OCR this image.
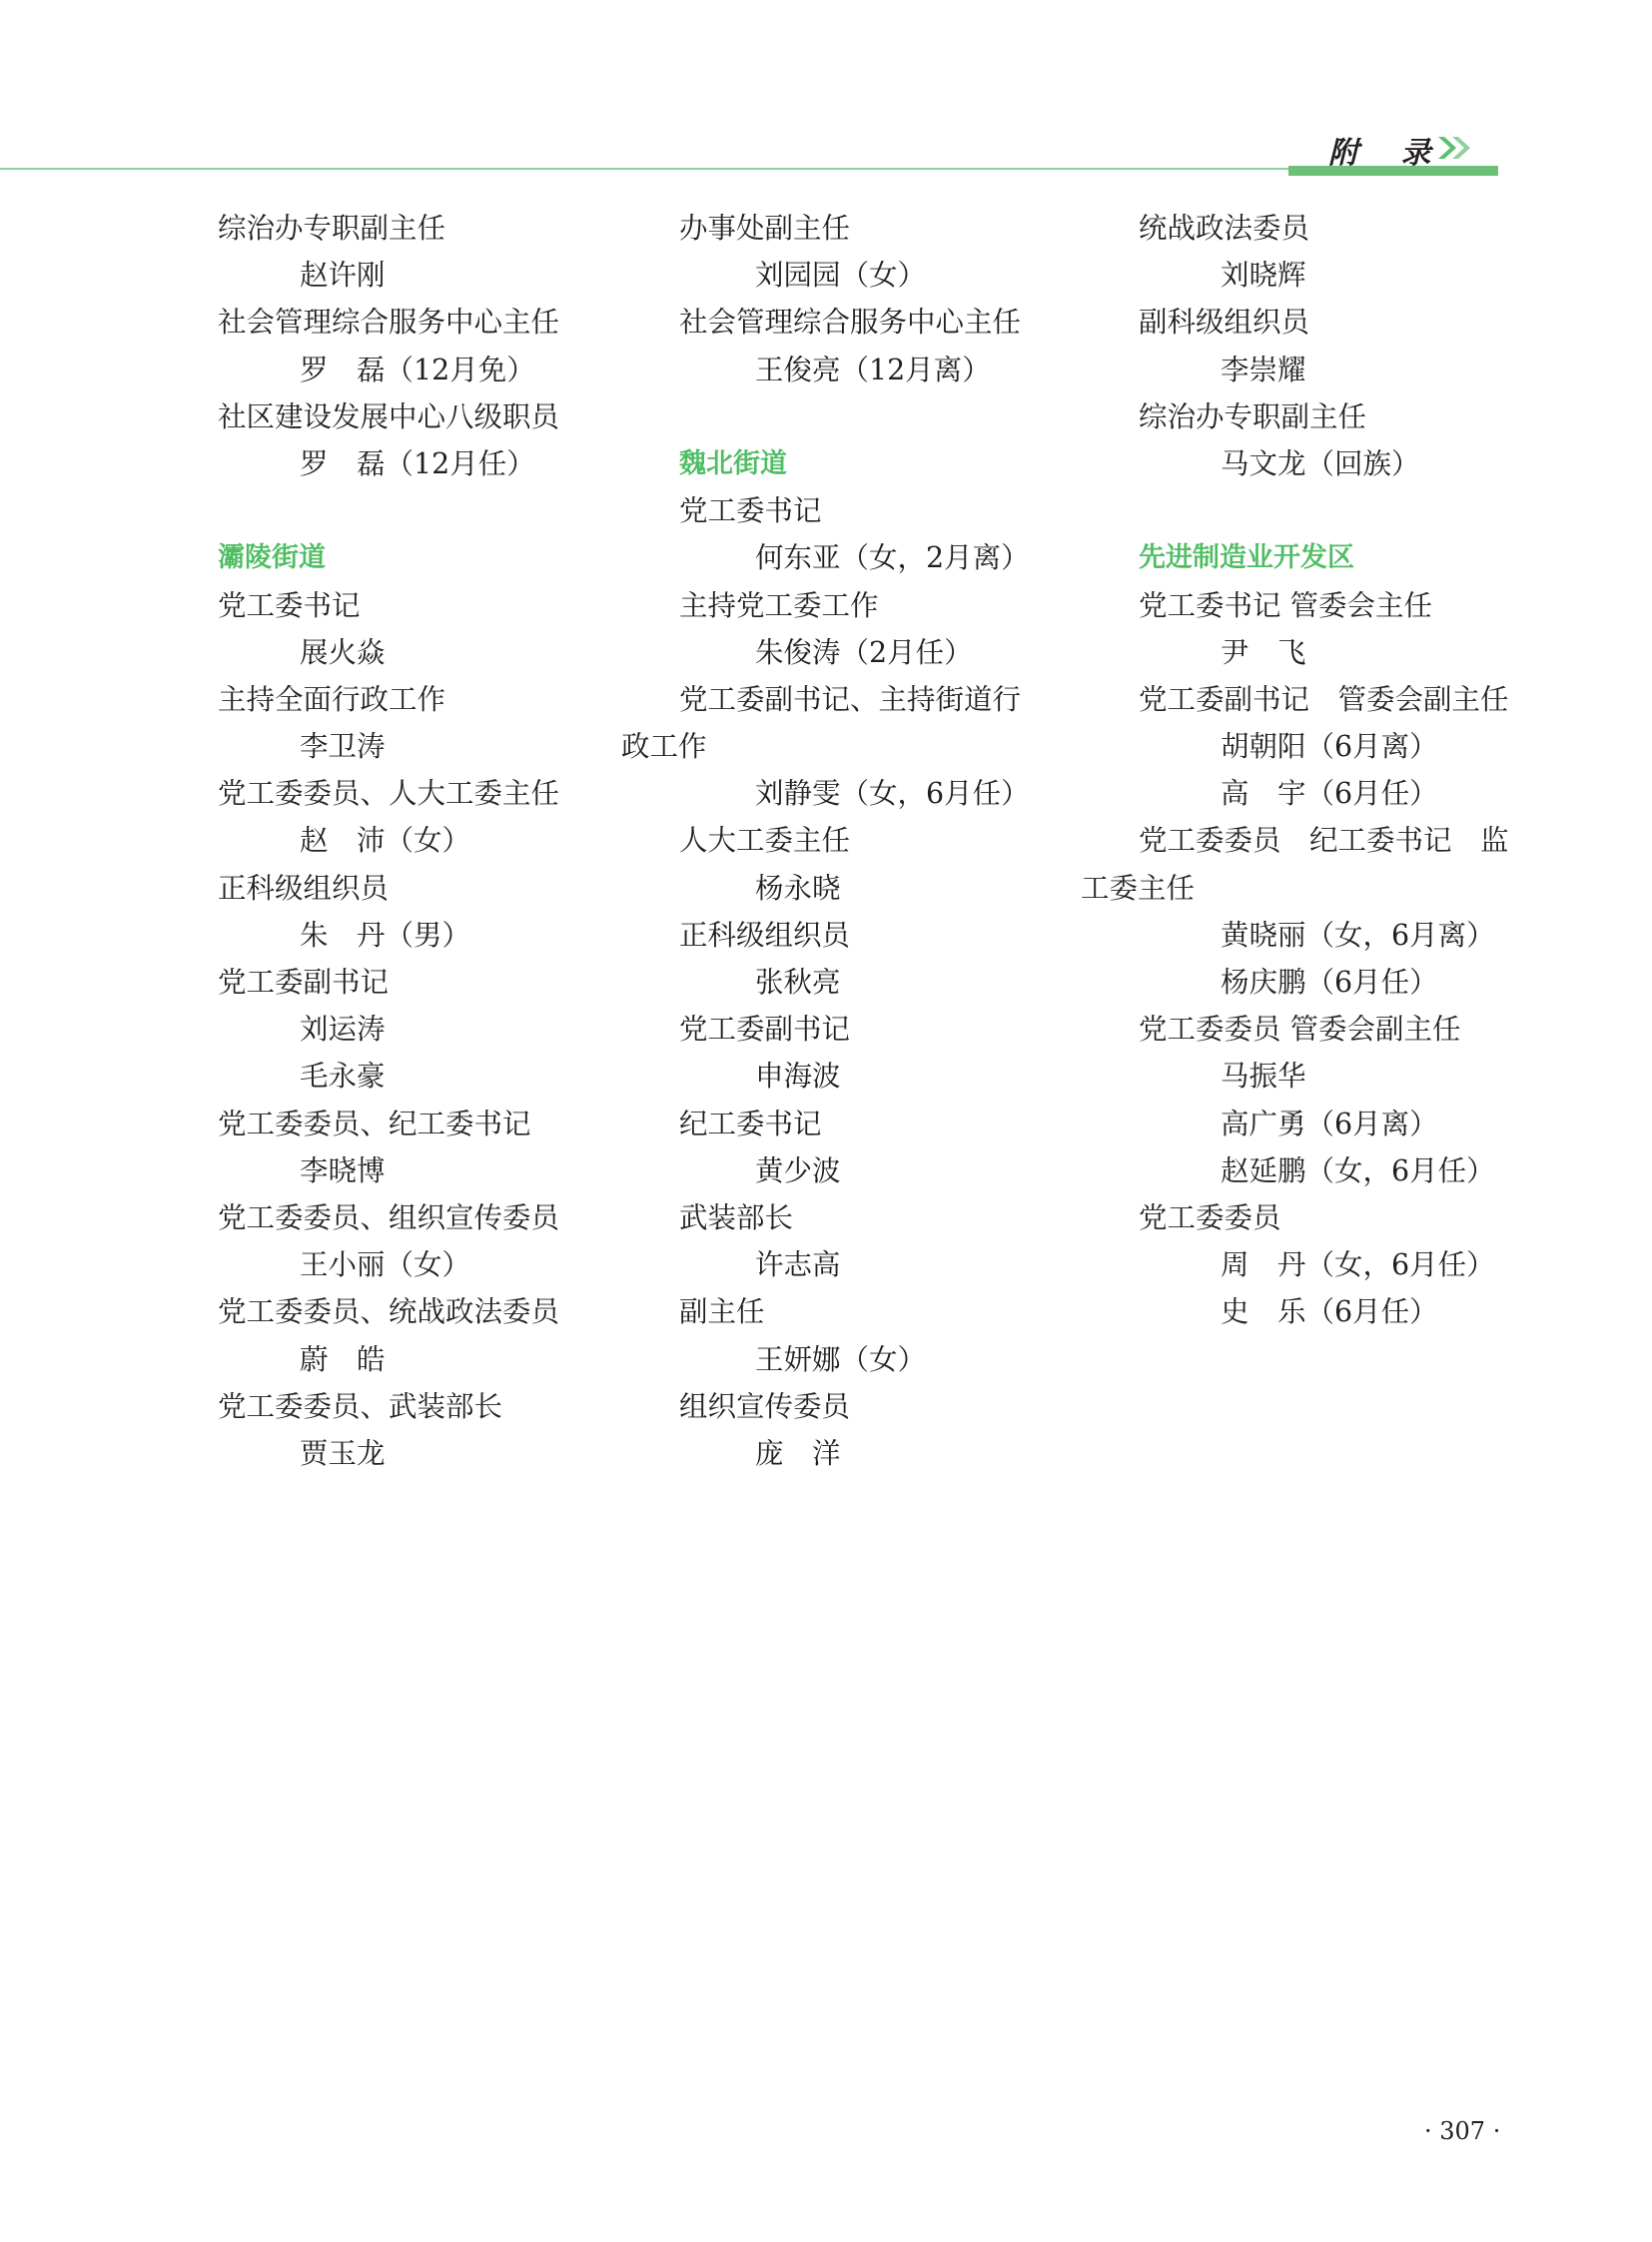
附 录
综治办专职副主任
赵许刚
社会管理综合服务中心主任
罗　磊（12月免）
社区建设发展中心八级职员
罗　磊（12月任）
灞陵街道
党工委书记
展火焱
主持全面行政工作
李卫涛
党工委委员、人大工委主任
赵　沛（女）
正科级组织员
朱　丹（男）
党工委副书记
刘运涛
毛永豪
党工委委员、纪工委书记
李晓博
党工委委员、组织宣传委员
王小丽（女）
党工委委员、统战政法委员
蔚　皓
党工委委员、武装部长
贾玉龙
办事处副主任
刘园园（女）
社会管理综合服务中心主任
王俊亮（12月离）
魏北街道
党工委书记
何东亚（女，2月离）
主持党工委工作
朱俊涛（2月任）
党工委副书记、主持街道行
政工作
刘静雯（女，6月任）
人大工委主任
杨永晓
正科级组织员
张秋亮
党工委副书记
申海波
纪工委书记
黄少波
武装部长
许志高
副主任
王妍娜（女）
组织宣传委员
庞　洋
统战政法委员
刘晓辉
副科级组织员
李崇耀
综治办专职副主任
马文龙（回族）
先进制造业开发区
党工委书记 管委会主任
尹　飞
党工委副书记　管委会副主任
胡朝阳（6月离）
高　宇（6月任）
党工委委员　纪工委书记　监
工委主任
黄晓丽（女，6月离）
杨庆鹏（6月任）
党工委委员 管委会副主任
马振华
高广勇（6月离）
赵延鹏（女，6月任）
党工委委员
周　丹（女，6月任）
史　乐（6月任）
· 307 ·
